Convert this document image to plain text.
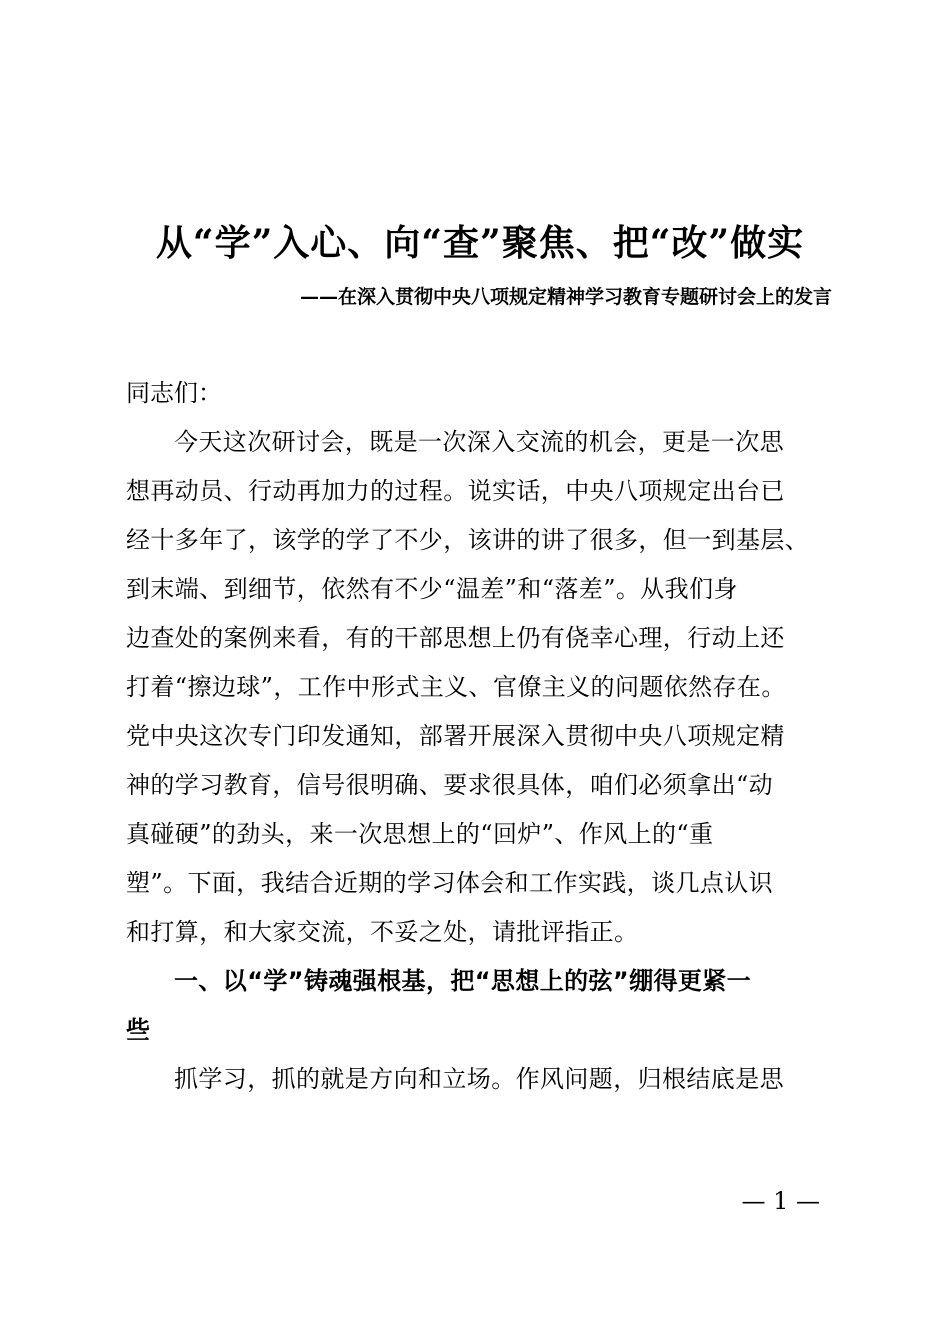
从“学”入心、向“查”聚焦、把“改”做实
——在深入贯彻中央八项规定精神学习教育专题研讨会上的发言
同志们：
今天这次研讨会，既是一次深入交流的机会，更是一次思
想再动员、行动再加力的过程。说实话，中央八项规定出台已
经十多年了，该学的学了不少，该讲的讲了很多，但一到基层、
到末端、到细节，依然有不少“温差”和“落差”。从我们身
边查处的案例来看，有的干部思想上仍有侥幸心理，行动上还
打着“擦边球”，工作中形式主义、官僚主义的问题依然存在。
党中央这次专门印发通知，部署开展深入贯彻中央八项规定精
神的学习教育，信号很明确、要求很具体，咱们必须拿出“动
真碰硬”的劲头，来一次思想上的“回炉”、作风上的“重
塑”。下面，我结合近期的学习体会和工作实践，谈几点认识
和打算，和大家交流，不妥之处，请批评指正。
一、以“学”铸魂强根基，把“思想上的弦”绷得更紧一
些
抓学习，抓的就是方向和立场。作风问题，归根结底是思
— 1 —
